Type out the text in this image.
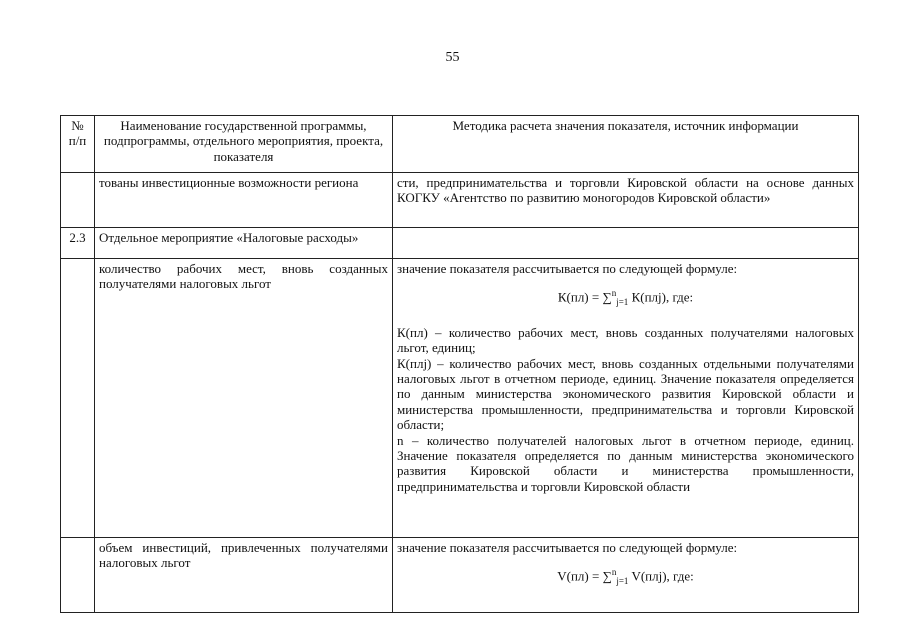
55
№ п/п	Наименование государственной программы, подпрограммы, отдельного мероприятия, проекта, показателя	Методика расчета значения показателя, источник информации
	тованы инвестиционные возможности региона	сти, предпринимательства и торговли Кировской области на основе данных КОГКУ «Агентство по развитию моногородов Кировской области»
2.3	Отдельное мероприятие «Налоговые расходы»	
	количество рабочих мест, вновь созданных получателями налоговых льгот	значение показателя рассчитывается по следующей формуле:
К(пл) = ∑$^n_{j=1}$ К(плj), где:
К(пл) – количество рабочих мест, вновь созданных получателями налоговых льгот, единиц;
К(плj) – количество рабочих мест, вновь созданных отдельными получателями налоговых льгот в отчетном периоде, единиц. Значение показателя определяется по данным министерства экономического развития Кировской области и министерства промышленности, предпринимательства и торговли Кировской области;
n – количество получателей налоговых льгот в отчетном периоде, единиц. Значение показателя определяется по данным министерства экономического развития Кировской области и министерства промышленности, предпринимательства и торговли Кировской области

	объем инвестиций, привлеченных получателями налоговых льгот	значение показателя рассчитывается по следующей формуле:
V(пл) = ∑$^n_{j=1}$ V(плj), где:
